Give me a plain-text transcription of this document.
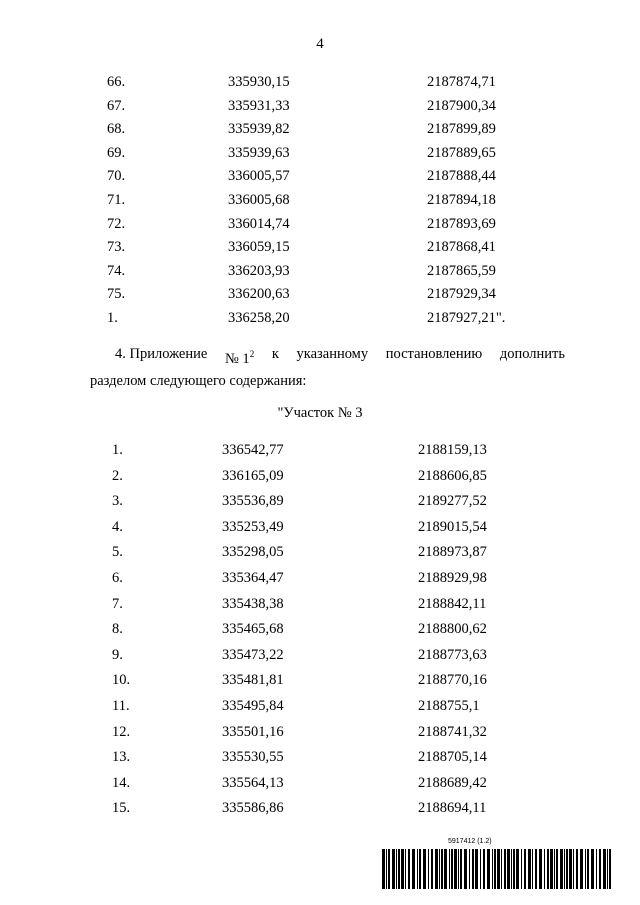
4
66.	335930,15	2187874,71
67.	335931,33	2187900,34
68.	335939,82	2187899,89
69.	335939,63	2187889,65
70.	336005,57	2187888,44
71.	336005,68	2187894,18
72.	336014,74	2187893,69
73.	336059,15	2187868,41
74.	336203,93	2187865,59
75.	336200,63	2187929,34
1.	336258,20	2187927,21".
4. Приложение № $1^2$ к указанному постановлению дополнить
разделом следующего содержания:
"Участок № 3
1.	336542,77	2188159,13
2.	336165,09	2188606,85
3.	335536,89	2189277,52
4.	335253,49	2189015,54
5.	335298,05	2188973,87
6.	335364,47	2188929,98
7.	335438,38	2188842,11
8.	335465,68	2188800,62
9.	335473,22	2188773,63
10.	335481,81	2188770,16
11.	335495,84	2188755,1
12.	335501,16	2188741,32
13.	335530,55	2188705,14
14.	335564,13	2188689,42
15.	335586,86	2188694,11
5917412 (1.2)
